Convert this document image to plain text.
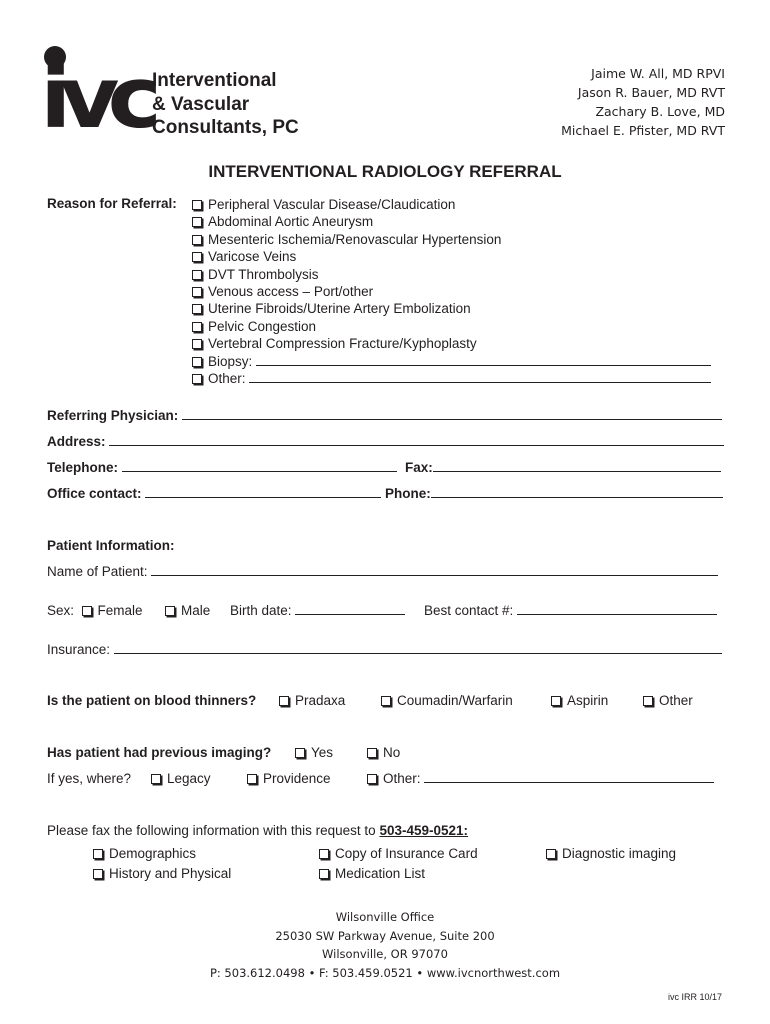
ivc Interventional
& Vascular
Consultants, PC
Jaime W. All, MD RPVI
Jason R. Bauer, MD RVT
Zachary B. Love, MD
Michael E. Pfister, MD RVT
INTERVENTIONAL RADIOLOGY REFERRAL
Reason for Referral:	Peripheral Vascular Disease/Claudication
Abdominal Aortic Aneurysm
Mesenteric Ischemia/Renovascular Hypertension
Varicose Veins
DVT Thrombolysis
Venous access – Port/other
Uterine Fibroids/Uterine Artery Embolization
Pelvic Congestion
Vertebral Compression Fracture/Kyphoplasty
Biopsy:
Other:
Referring Physician:
Address:
Telephone:	Fax:
Office contact:	Phone:
Patient Information:
Name of Patient:
Sex: Female	Male Birth date:	Best contact #:
Insurance:
Is the patient on blood thinners?	Pradaxa	Coumadin/Warfarin	Aspirin	Other
Has patient had previous imaging?	Yes	No
If yes, where?	Legacy	Providence	Other:
Please fax the following information with this request to 503-459-0521:
Demographics	Copy of Insurance Card	Diagnostic imaging
History and Physical	Medication List
Wilsonville Office
25030 SW Parkway Avenue, Suite 200
Wilsonville, OR 97070
P: 503.612.0498 • F: 503.459.0521 • www.ivcnorthwest.com
ivc IRR 10/17
